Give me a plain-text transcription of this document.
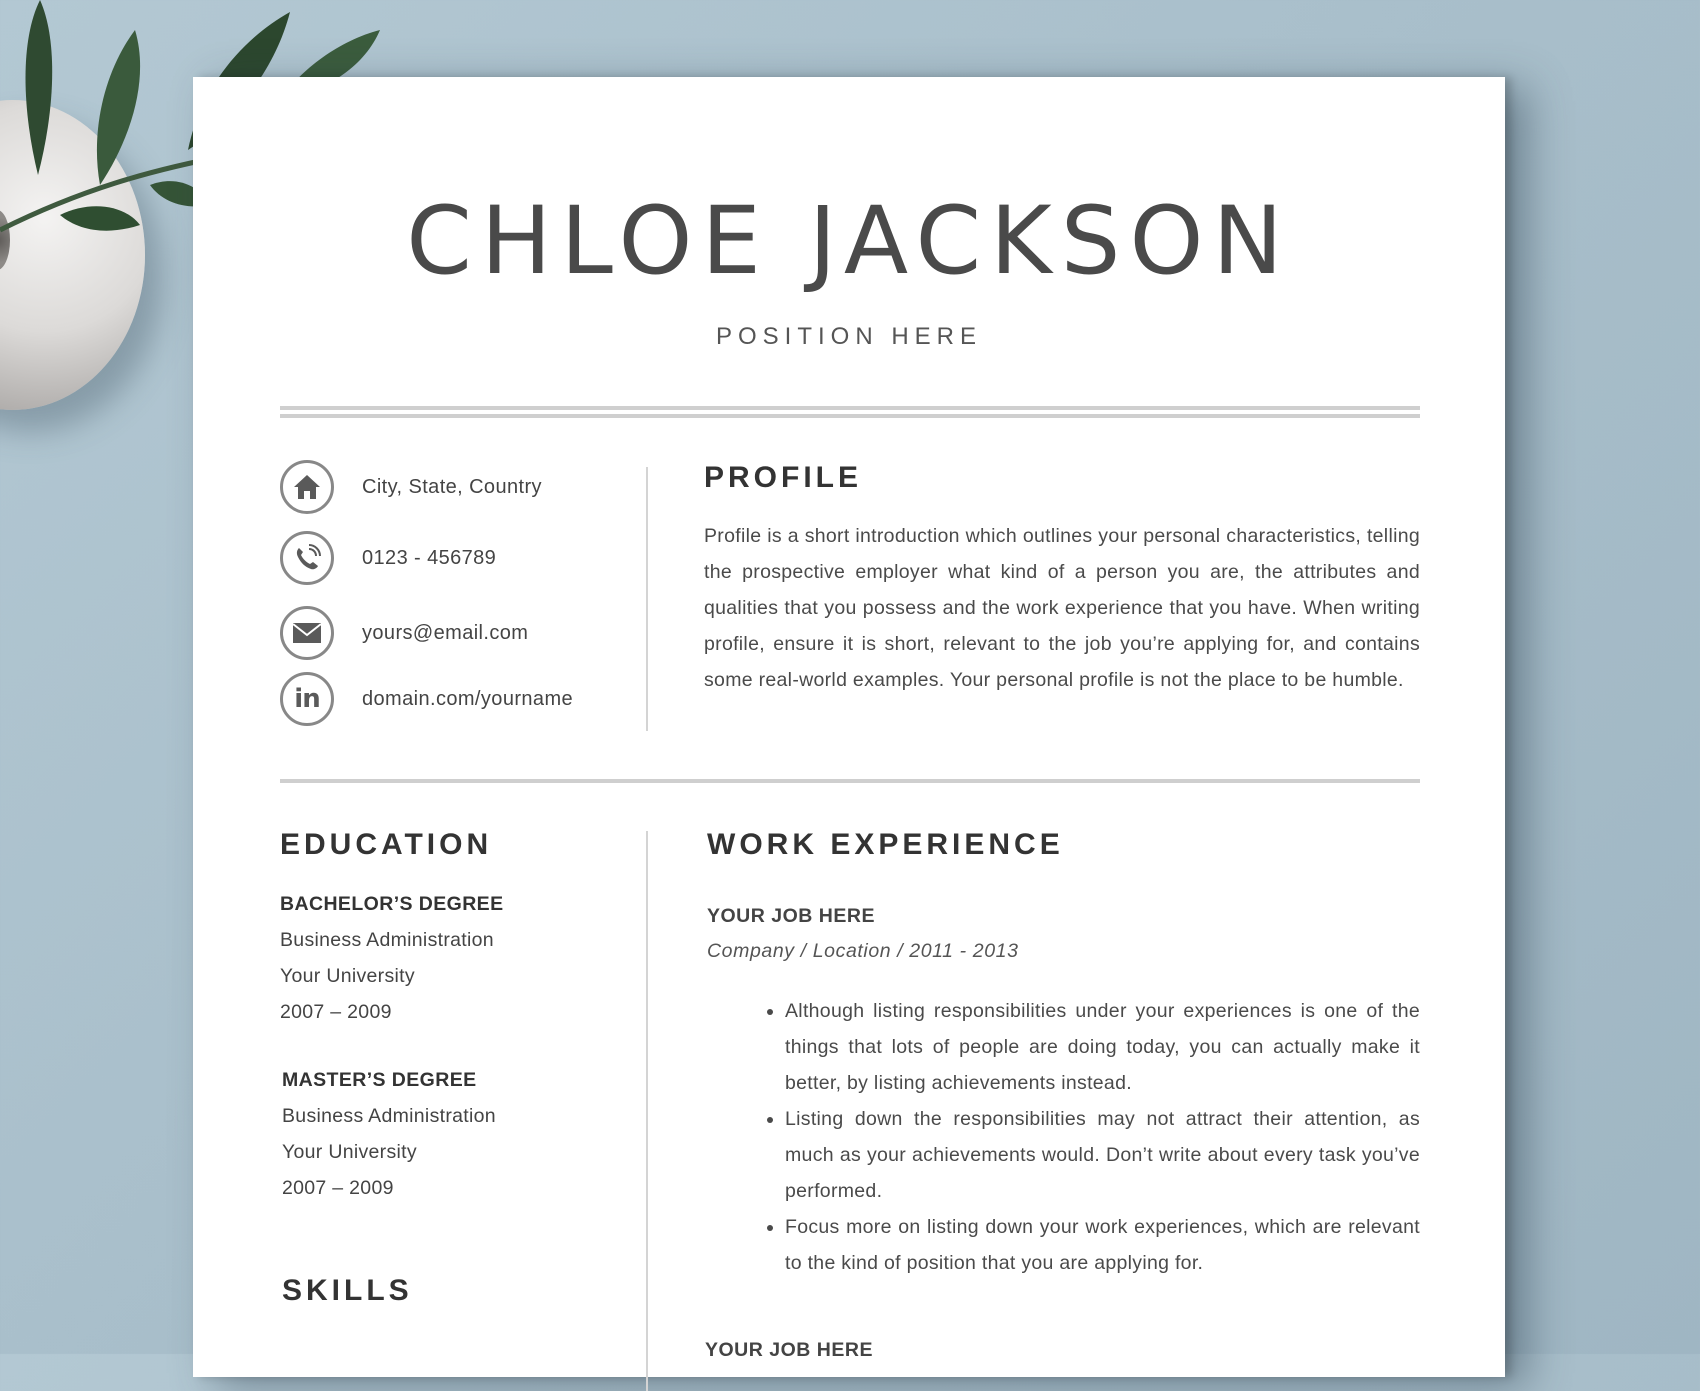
CHLOE JACKSON
POSITION HERE
City, State, Country
0123 - 456789
yours@email.com
in domain.com/yourname
PROFILE

Profile is a short introduction which outlines your personal characteristics, telling the prospective employer what kind of a person you are, the attributes and qualities that you possess and the work experience that you have. When writing profile, ensure it is short, relevant to the job you’re applying for, and contains some real-world examples. Your personal profile is not the place to be humble.

EDUCATION
BACHELOR’S DEGREE
Business Administration
Your University
2007 – 2009
MASTER’S DEGREE
Business Administration
Your University
2007 – 2009
SKILLS
WORK EXPERIENCE
YOUR JOB HERE
Company / Location / 2011 - 2013
• Although listing responsibilities under your experiences is one of the things that lots of people are doing today, you can actually make it better, by listing achievements instead.
• Listing down the responsibilities may not attract their attention, as much as your achievements would. Don’t write about every task you’ve performed.
• Focus more on listing down your work experiences, which are relevant to the kind of position that you are applying for.
YOUR JOB HERE
